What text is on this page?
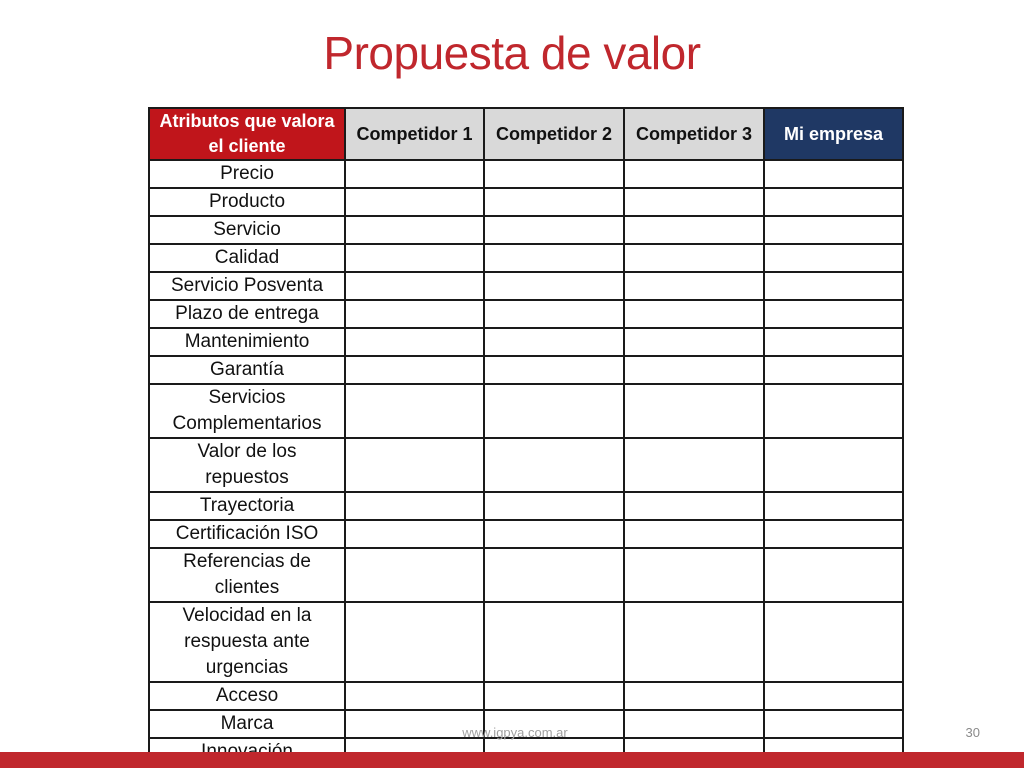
Propuesta de valor
Atributos que valora el cliente	Competidor 1	Competidor 2	Competidor 3	Mi empresa
Precio				
Producto				
Servicio				
Calidad				
Servicio Posventa				
Plazo de entrega				
Mantenimiento				
Garantía				
Servicios Complementarios				
Valor de los repuestos				
Trayectoria				
Certificación ISO				
Referencias de clientes				
Velocidad en la respuesta ante urgencias				
Acceso				
Marca				
					www.igpya.com.ar	30
